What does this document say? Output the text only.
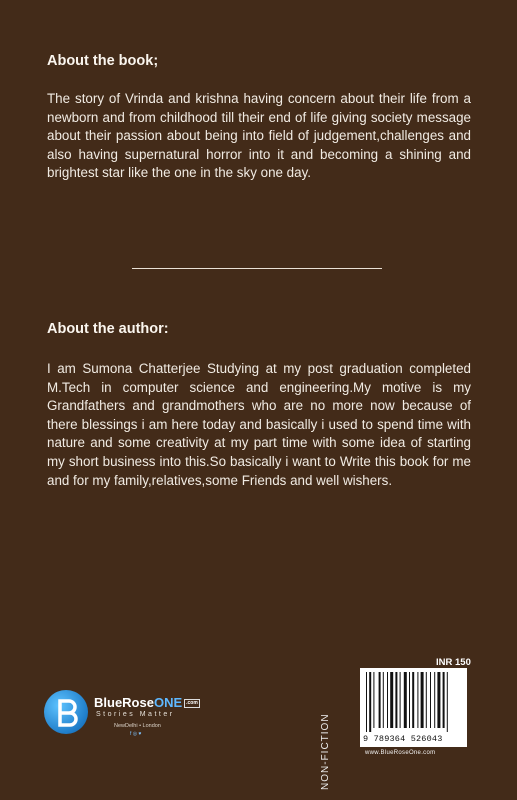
About the book;
The story of Vrinda and krishna having concern about their life from a newborn and from childhood till their end of life giving society message about their passion about being into field of judgement,challenges and also having supernatural horror into it and becoming a shining and brightest star like the one in the sky one day.
About the author:
I am Sumona Chatterjee Studying at my post graduation completed M.Tech in computer science and engineering.My motive is my Grandfathers and grandmothers who are no more now because of there blessings i am here today and basically i used to spend time with nature and some creativity at my part time with some idea of starting my short business into this.So basically i want to Write this book for me and for my family,relatives,some Friends and well wishers.
BlueRoseONE .com
Stories Matter
NewDelhi • London
f ◎ ♥	NON-FICTION
INR 150
9 789364 526043
www.BlueRoseOne.com
